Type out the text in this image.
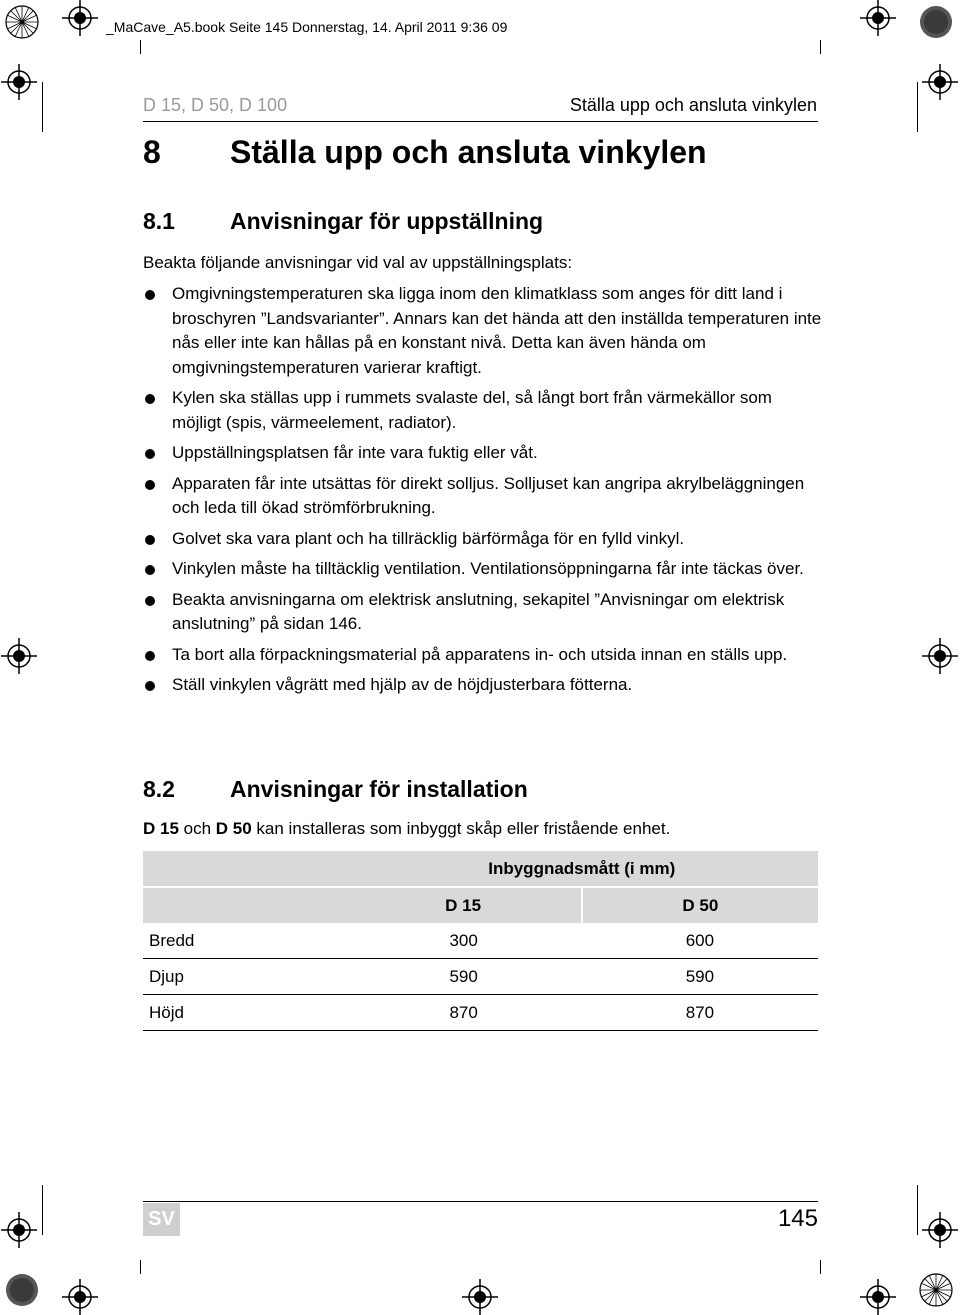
_MaCave_A5.book Seite 145 Donnerstag, 14. April 2011 9:36 09
D 15, D 50, D 100	Ställa upp och ansluta vinkylen
8 Ställa upp och ansluta vinkylen
8.1 Anvisningar för uppställning
Beakta följande anvisningar vid val av uppställningsplats:
Omgivningstemperaturen ska ligga inom den klimatklass som anges för ditt land i broschyren ”Landsvarianter”. Annars kan det hända att den inställda temperaturen inte nås eller inte kan hållas på en konstant nivå. Detta kan även hända om omgivningstemperaturen varierar kraftigt.
Kylen ska ställas upp i rummets svalaste del, så långt bort från värmekällor som möjligt (spis, värmeelement, radiator).
Uppställningsplatsen får inte vara fuktig eller våt.
Apparaten får inte utsättas för direkt solljus. Solljuset kan angripa akrylbeläggningen och leda till ökad strömförbrukning.
Golvet ska vara plant och ha tillräcklig bärförmåga för en fylld vinkyl.
Vinkylen måste ha tilltäcklig ventilation. Ventilationsöppningarna får inte täckas över.
Beakta anvisningarna om elektrisk anslutning, sekapitel ”Anvisningar om elektrisk anslutning” på sidan 146.
Ta bort alla förpackningsmaterial på apparatens in- och utsida innan en ställs upp.
Ställ vinkylen vågrätt med hjälp av de höjdjusterbara fötterna.
8.2 Anvisningar för installation
D 15 och D 50 kan installeras som inbyggt skåp eller fristående enhet.
	Inbyggnadsmått (i mm)	
	D 15	D 50
Bredd	300	600
Djup	590	590
Höjd	870	870
SV	145
